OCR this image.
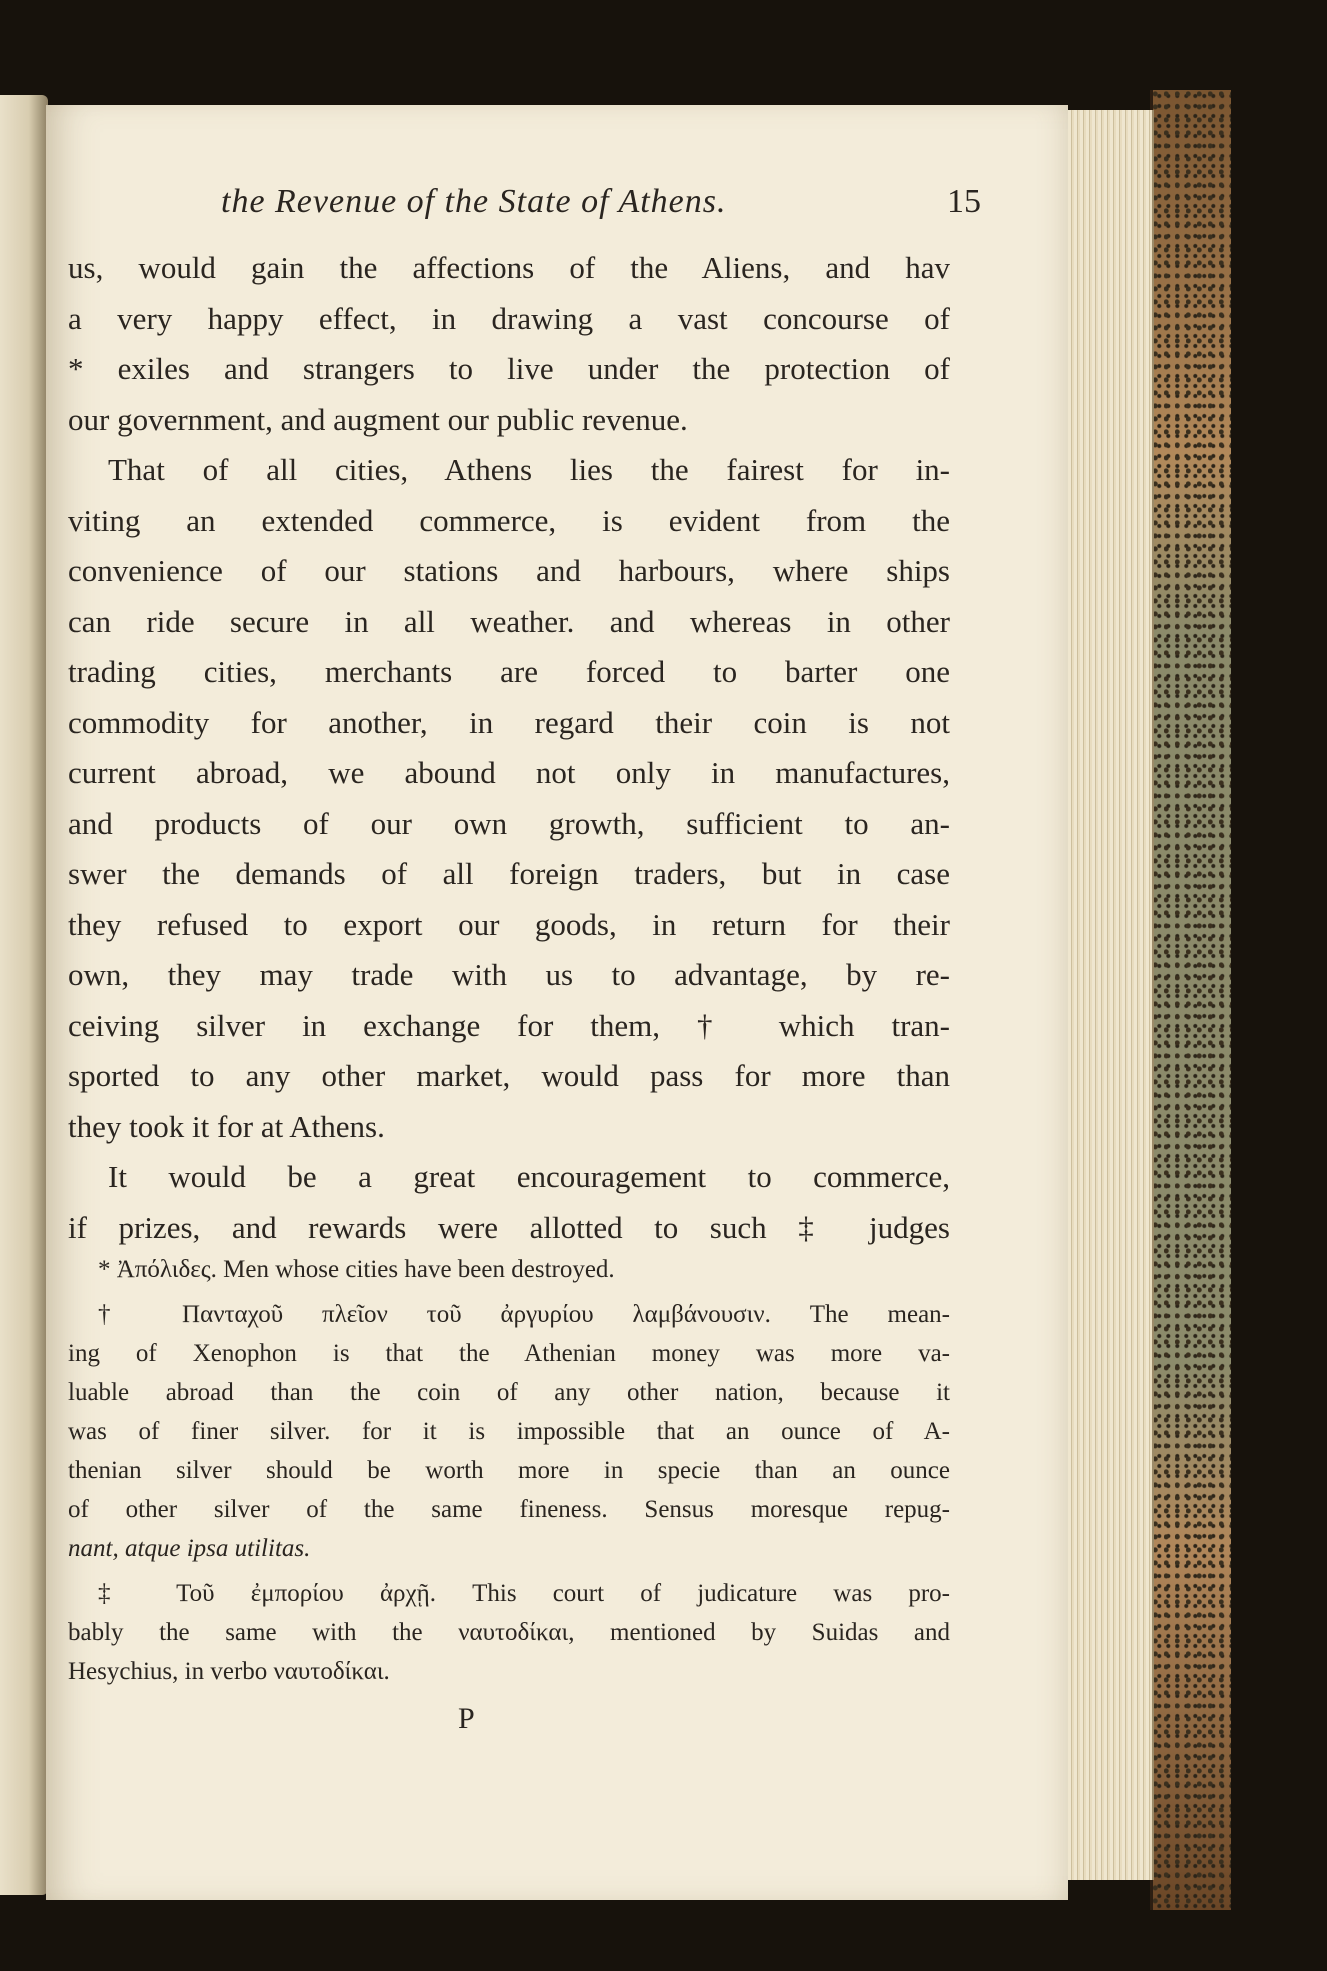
the Revenue of the State of Athens.	15
us, would gain the affections of the Aliens, and hav
a very happy effect, in drawing a vast concourse of
* exiles and strangers to live under the protection of
our government, and augment our public revenue.
That of all cities, Athens lies the fairest for in-
viting an extended commerce, is evident from the
convenience of our stations and harbours, where ships
can ride secure in all weather. and whereas in other
trading cities, merchants are forced to barter one
commodity for another, in regard their coin is not
current abroad, we abound not only in manufactures,
and products of our own growth, sufficient to an-
swer the demands of all foreign traders, but in case
they refused to export our goods, in return for their
own, they may trade with us to advantage, by re-
ceiving silver in exchange for them, † which tran-
sported to any other market, would pass for more than
they took it for at Athens.
It would be a great encouragement to commerce,
if prizes, and rewards were allotted to such ‡ judges
* Ἀπόλιδες. Men whose cities have been destroyed.
† Πανταχοῦ πλεῖον τοῦ ἀργυρίου λαμβάνουσιν. The mean-
ing of Xenophon is that the Athenian money was more va-
luable abroad than the coin of any other nation, because it
was of finer silver. for it is impossible that an ounce of A-
thenian silver should be worth more in specie than an ounce
of other silver of the same fineness. Sensus moresque repug-
nant, atque ipsa utilitas.
‡ Τοῦ ἐμπορίου ἀρχῇ. This court of judicature was pro-
bably the same with the ναυτοδίκαι, mentioned by Suidas and
Hesychius, in verbo ναυτοδίκαι.
P
